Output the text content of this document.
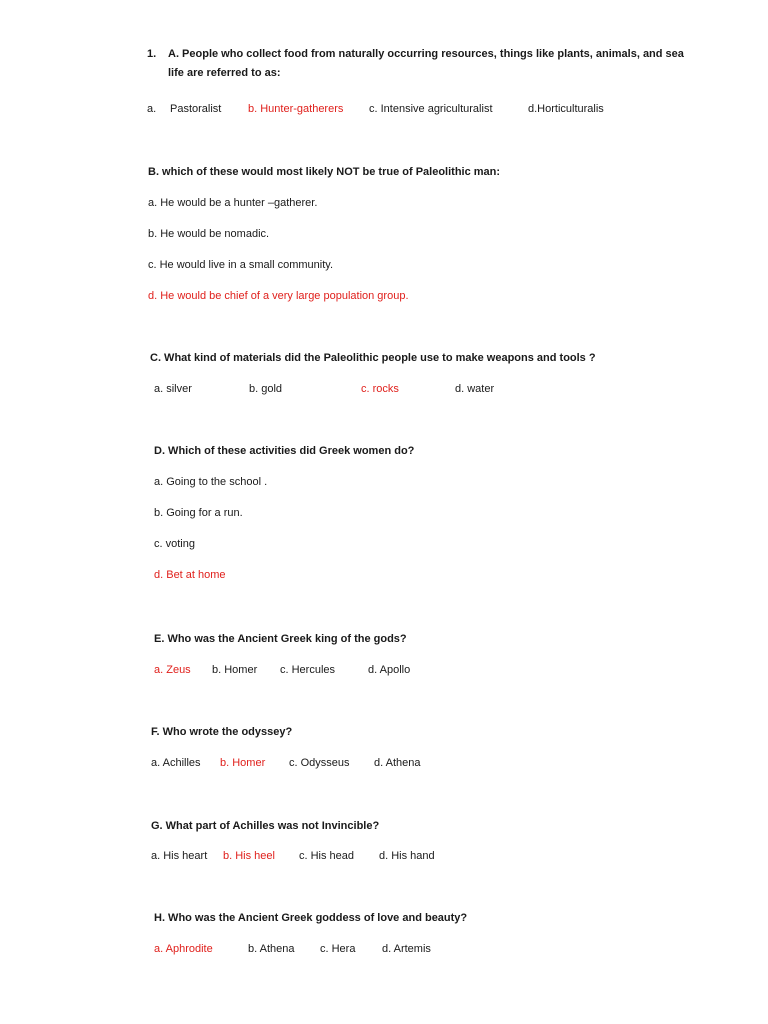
1. A. People who collect food from naturally occurring resources, things like plants, animals, and sea life are referred to as:
a. Pastoralist b. Hunter-gatherers c. Intensive agriculturalist	d.Horticulturalis
B. which of these would most likely NOT be true of Paleolithic man:
a. He would be a hunter –gatherer.
b. He would be nomadic.
c. He would live in a small community.
d. He would be chief of a very large population group.
C. What kind of materials did the Paleolithic people use to make weapons and tools ?
a. silver	b. gold	c. rocks	d. water
D. Which of these activities did Greek women do?
a. Going to the school .
b. Going for a run.
c. voting
d. Bet at home
E. Who was the Ancient Greek king of the gods?
a. Zeus b. Homer c. Hercules	d. Apollo
F. Who wrote the odyssey?
a. Achilles b. Homer c. Odysseus d. Athena
G. What part of Achilles was not Invincible?
a. His heart b. His heel c. His head d. His hand
H. Who was the Ancient Greek goddess of love and beauty?
a. Aphrodite	b. Athena c. Hera d. Artemis
